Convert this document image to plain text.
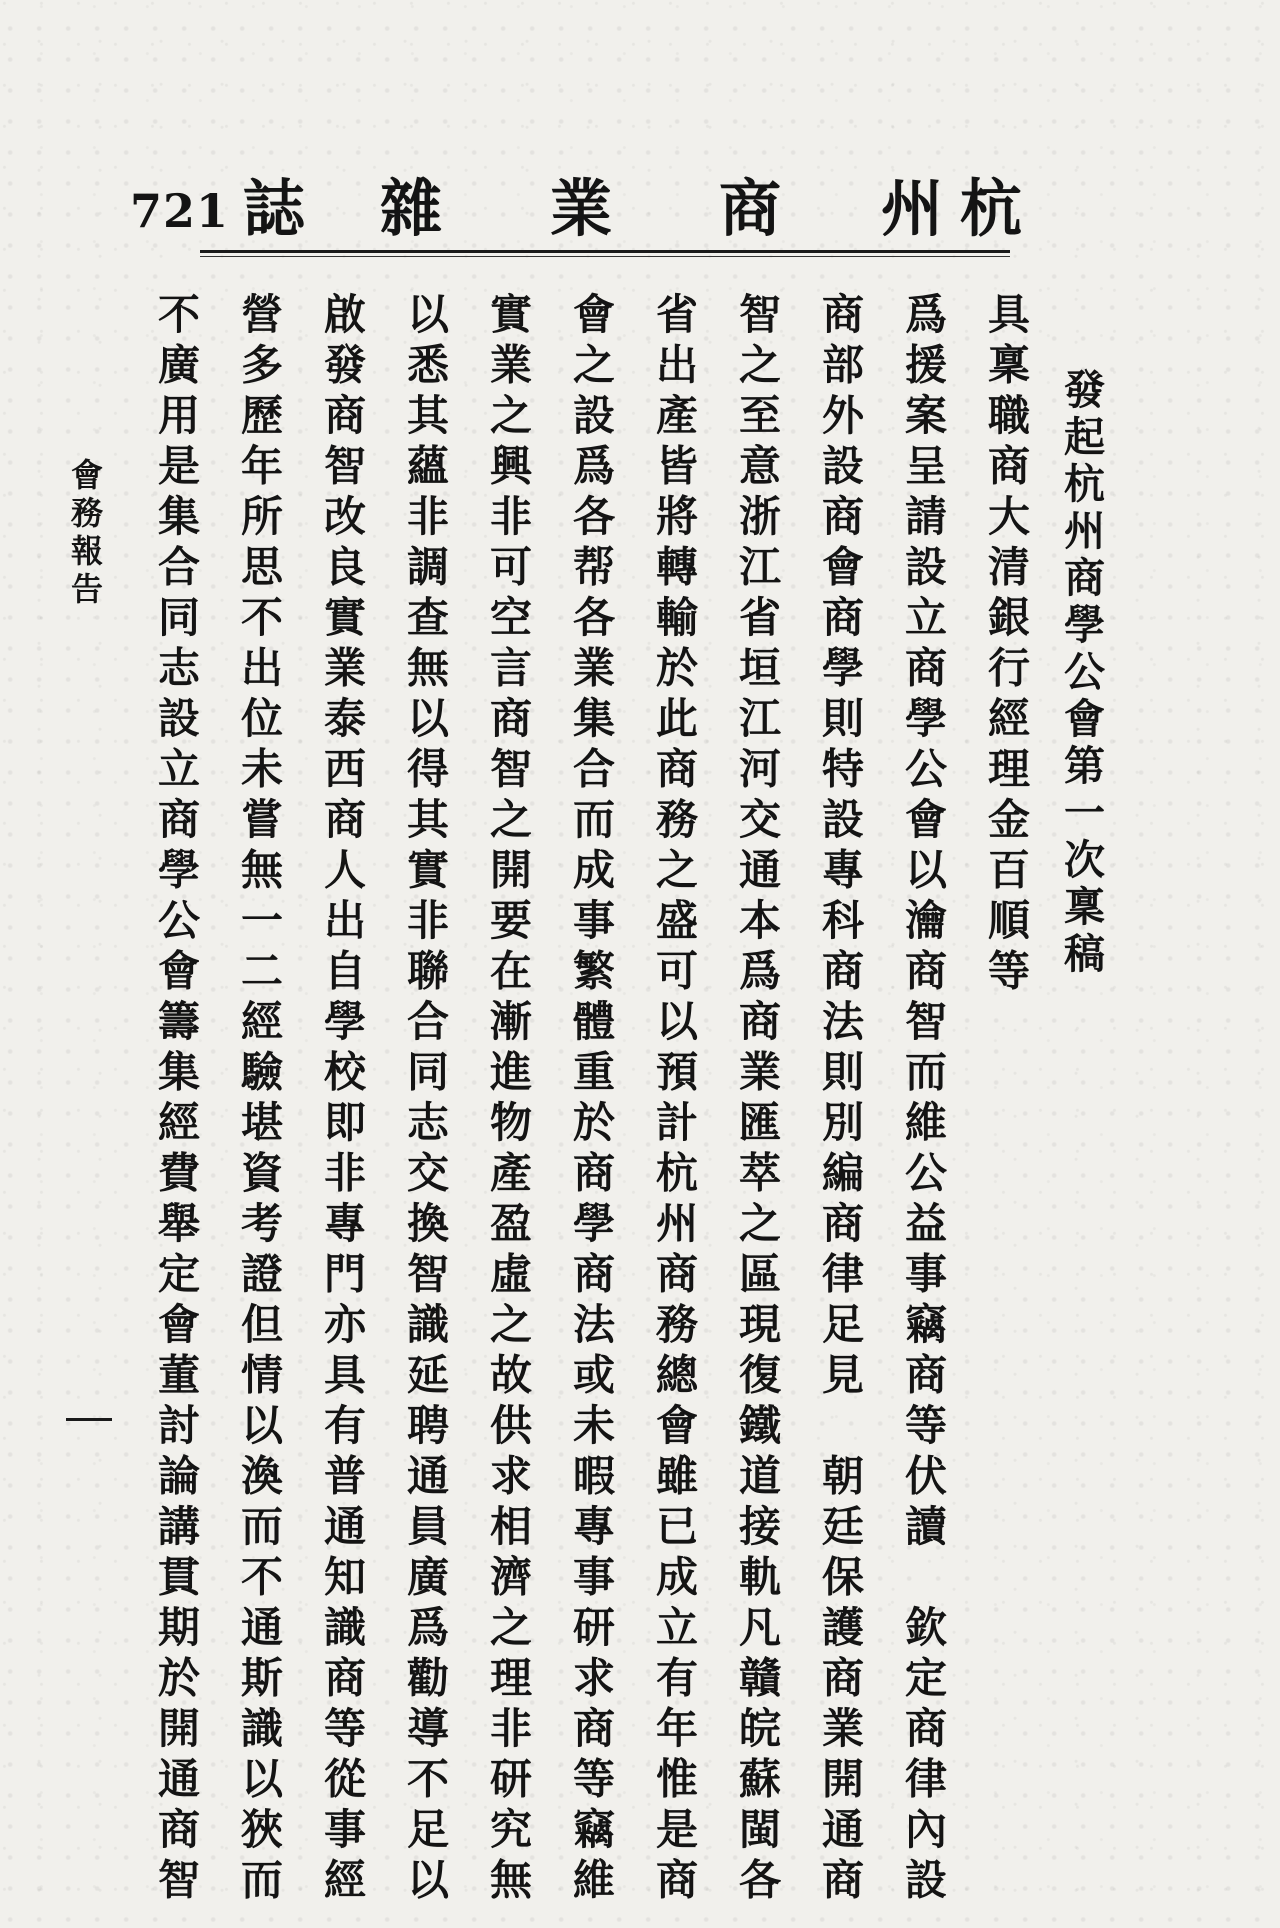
721 誌 雜 業 商 州 杭
發起杭州商學公會第一次稟稿
具稟職商大清銀行經理金百順等
爲援案呈請設立商學公會以瀹商智而維公益事竊商等伏讀　欽定商律內設
商部外設商會商學則特設專科商法則別編商律足見　朝廷保護商業開通商
智之至意浙江省垣江河交通本爲商業匯萃之區現復鐵道接軌凡贛皖蘇閩各
省出產皆將轉輸於此商務之盛可以預計杭州商務總會雖已成立有年惟是商
會之設爲各帮各業集合而成事繁體重於商學商法或未暇專事研求商等竊維
實業之興非可空言商智之開要在漸進物產盈虛之故供求相濟之理非研究無
以悉其蘊非調查無以得其實非聯合同志交換智識延聘通員廣爲勸導不足以
啟發商智改良實業泰西商人出自學校即非專門亦具有普通知識商等從事經
營多歷年所思不出位未嘗無一二經驗堪資考證但情以渙而不通斯識以狹而
不廣用是集合同志設立商學公會籌集經費舉定會董討論講貫期於開通商智
會務報告
